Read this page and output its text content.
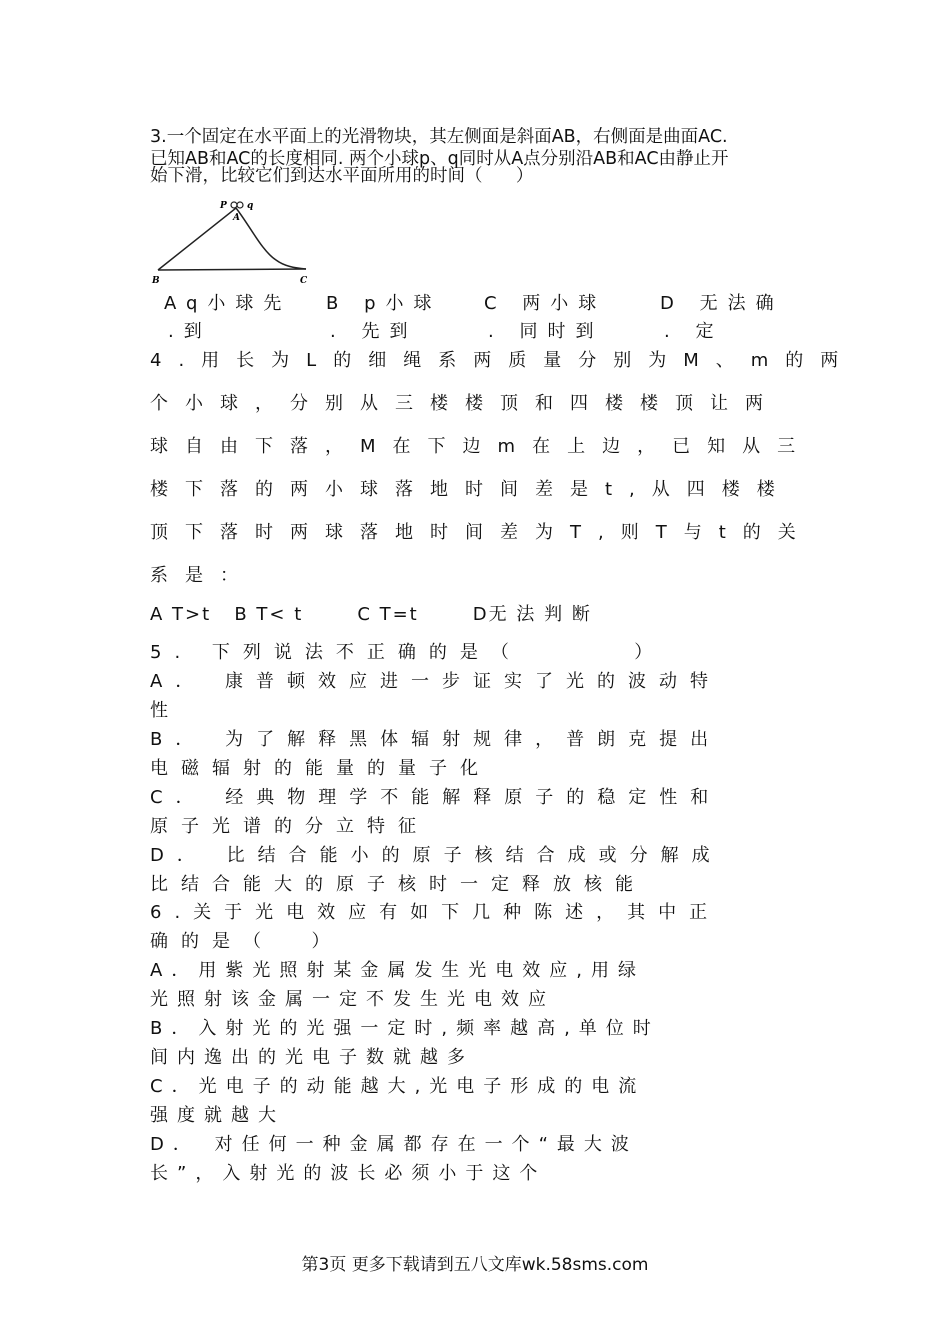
3.一个固定在水平面上的光滑物块，其左侧面是斜面AB，右侧面是曲面AC.
已知AB和AC的长度相同. 两个小球p、q同时从A点分别沿AB和AC由静止开
始下滑，比较它们到达水平面所用的时间（      ）
P q
A
B	C
Aq小球先
.到
B p小球
. 先到
C 两小球
. 同时到
D 无法确
. 定
4.用长为L的细绳系两质量分别为M、m的两
个小球，分别从三楼楼顶和四楼楼顶让两
球自由下落，M在下边m在上边，已知从三
楼下落的两小球落地时间差是t,从四楼楼
顶下落时两球落地时间差为T,则T与t的关
系是：
A T>t   B T< t       C T=t       D无 法 判 断
5. 下列说法不正确的是（      ）
A． 康普顿效应进一步证实了光的波动特
性
B． 为了解释黑体辐射规律，普朗克提出
电磁辐射的能量的量子化
C． 经典物理学不能解释原子的稳定性和
原子光谱的分立特征
D． 比结合能小的原子核结合成或分解成
比结合能大的原子核时一定释放核能
6.关于光电效应有如下几种陈述，其中正
确的是（  ）
A．用紫光照射某金属发生光电效应,用绿
光照射该金属一定不发生光电效应
B．入射光的光强一定时,频率越高,单位时
间内逸出的光电子数就越多
C．光电子的动能越大,光电子形成的电流
强度就越大
D． 对任何一种金属都存在一个“最大波
长”，入射光的波长必须小于这个
第3页 更多下载请到五八文库wk.58sms.com
